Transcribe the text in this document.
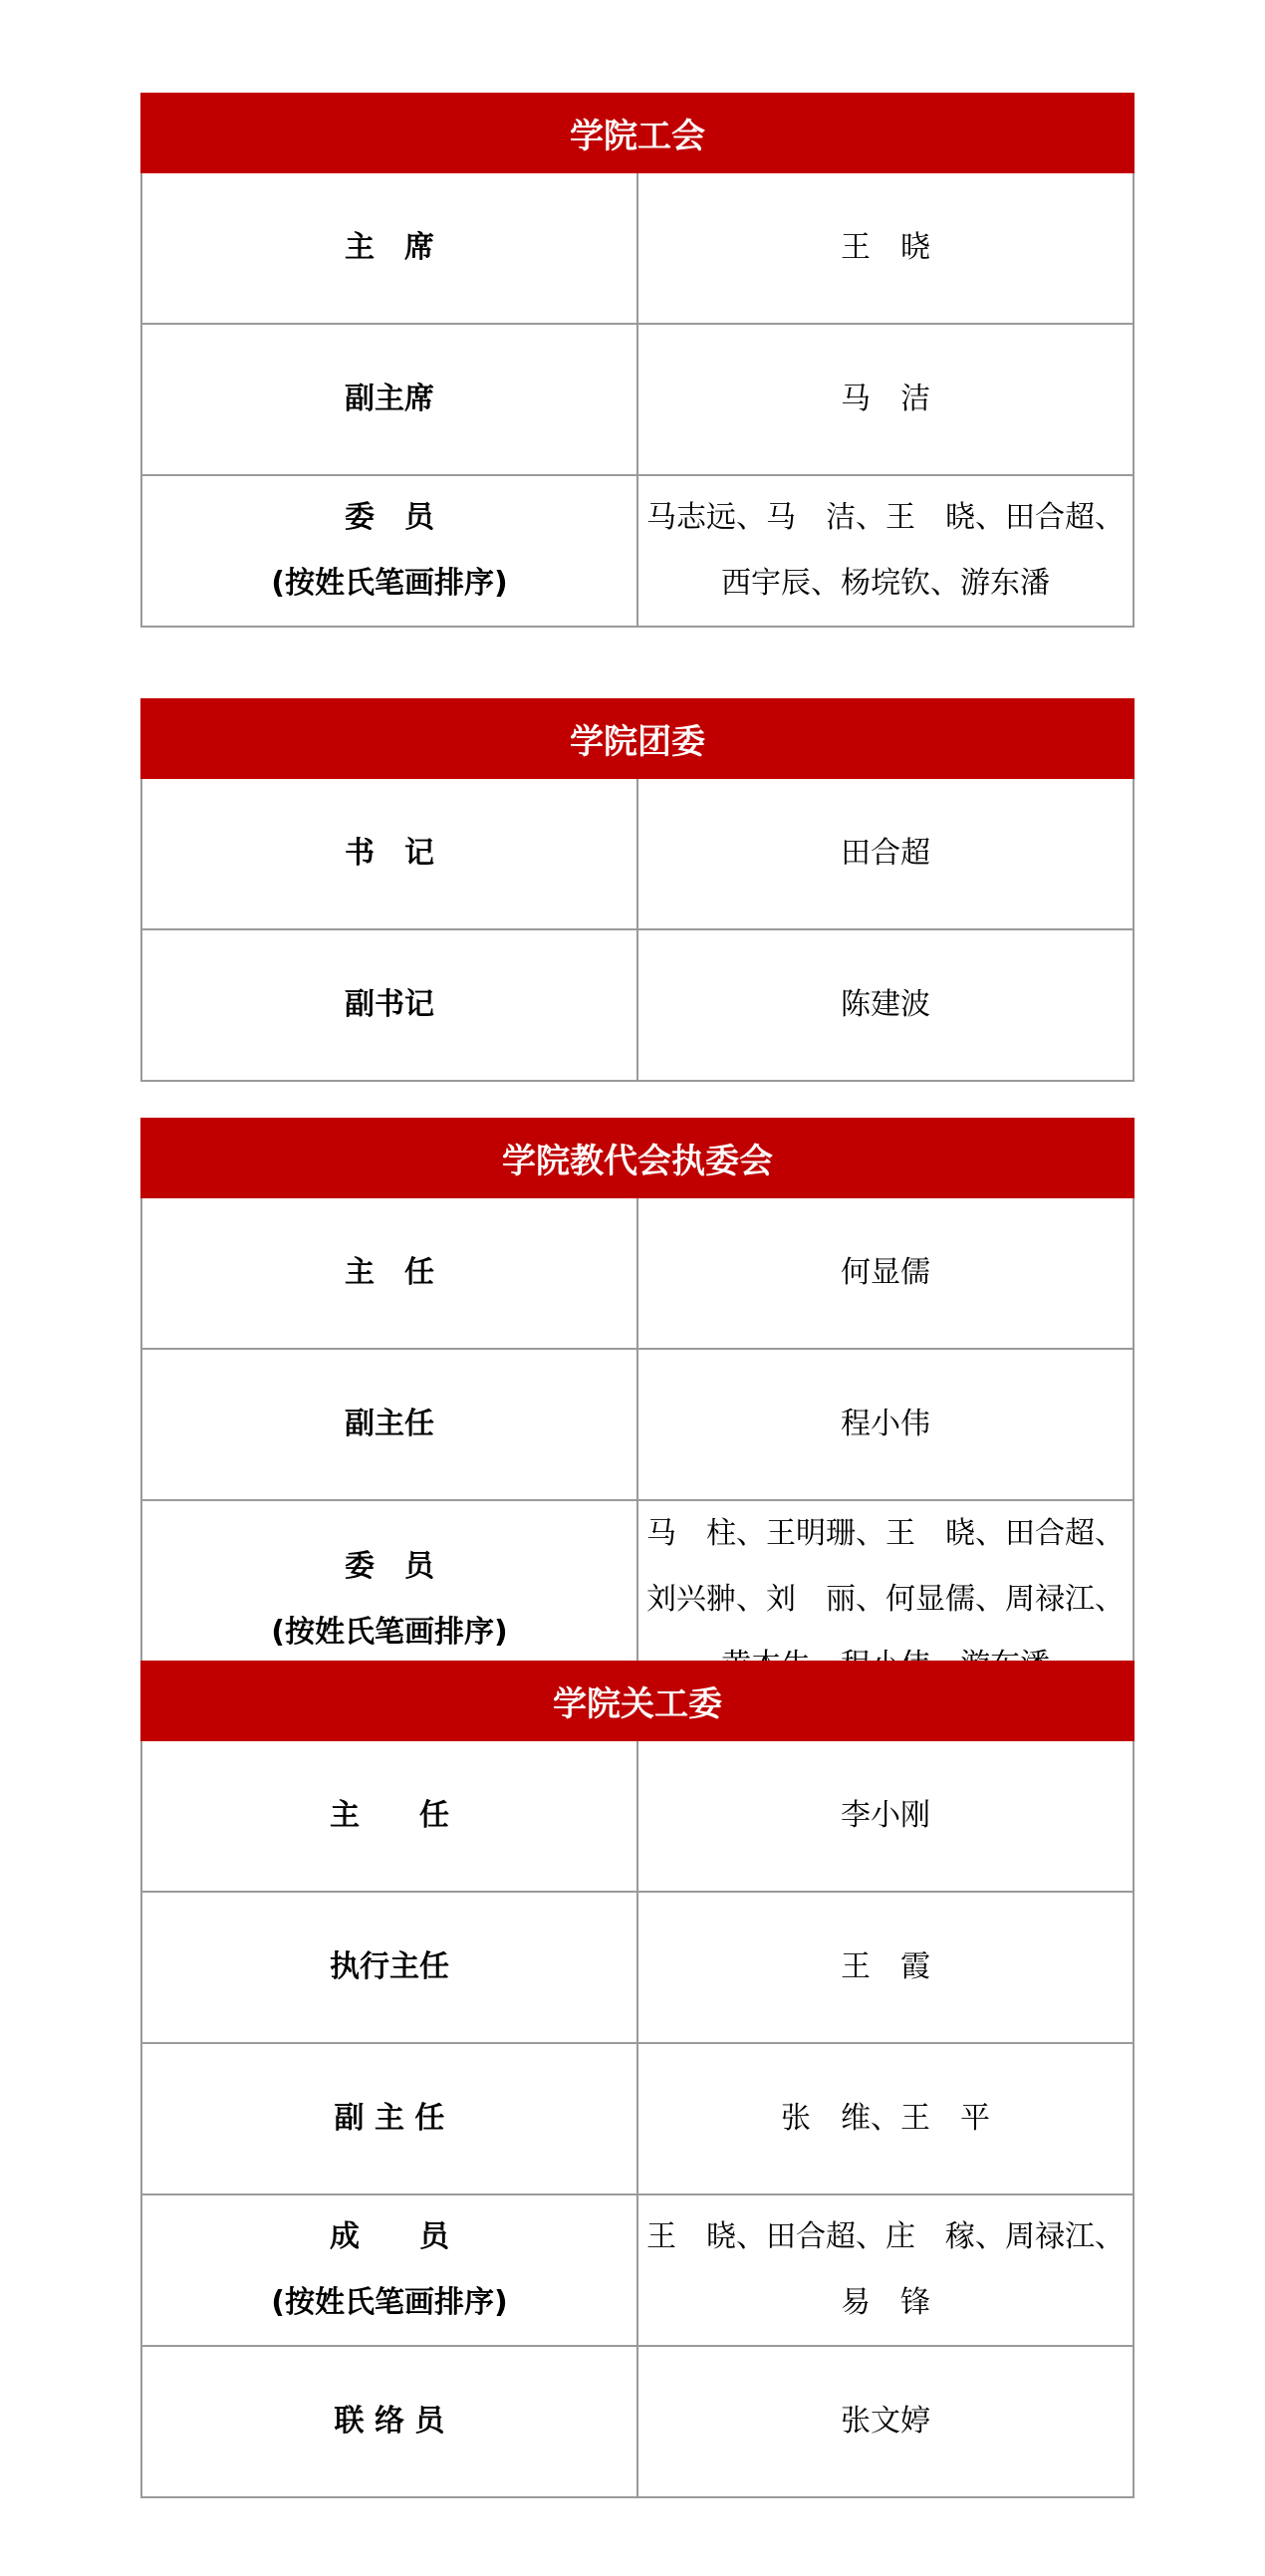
学院工会	

主　席	王　晓

副主席	马　洁

委　员
(按姓氏笔画排序)	马志远、马　洁、王　晓、田合超、西宇辰、杨垸钦、游东潘
学院团委	

书　记	田合超

副书记	陈建波
学院教代会执委会	

主　任	何显儒

副主任	程小伟

委　员
(按姓氏笔画排序)	马　柱、王明珊、王　晓、田合超、刘兴翀、刘　丽、何显儒、周禄江、
学院关工委	

主　　任	李小刚

执行主任	王　霞

副 主 任	张　维、王　平

成　　员
(按姓氏笔画排序)	王　晓、田合超、庄　稼、周禄江、易　锋

联 络 员	张文婷
